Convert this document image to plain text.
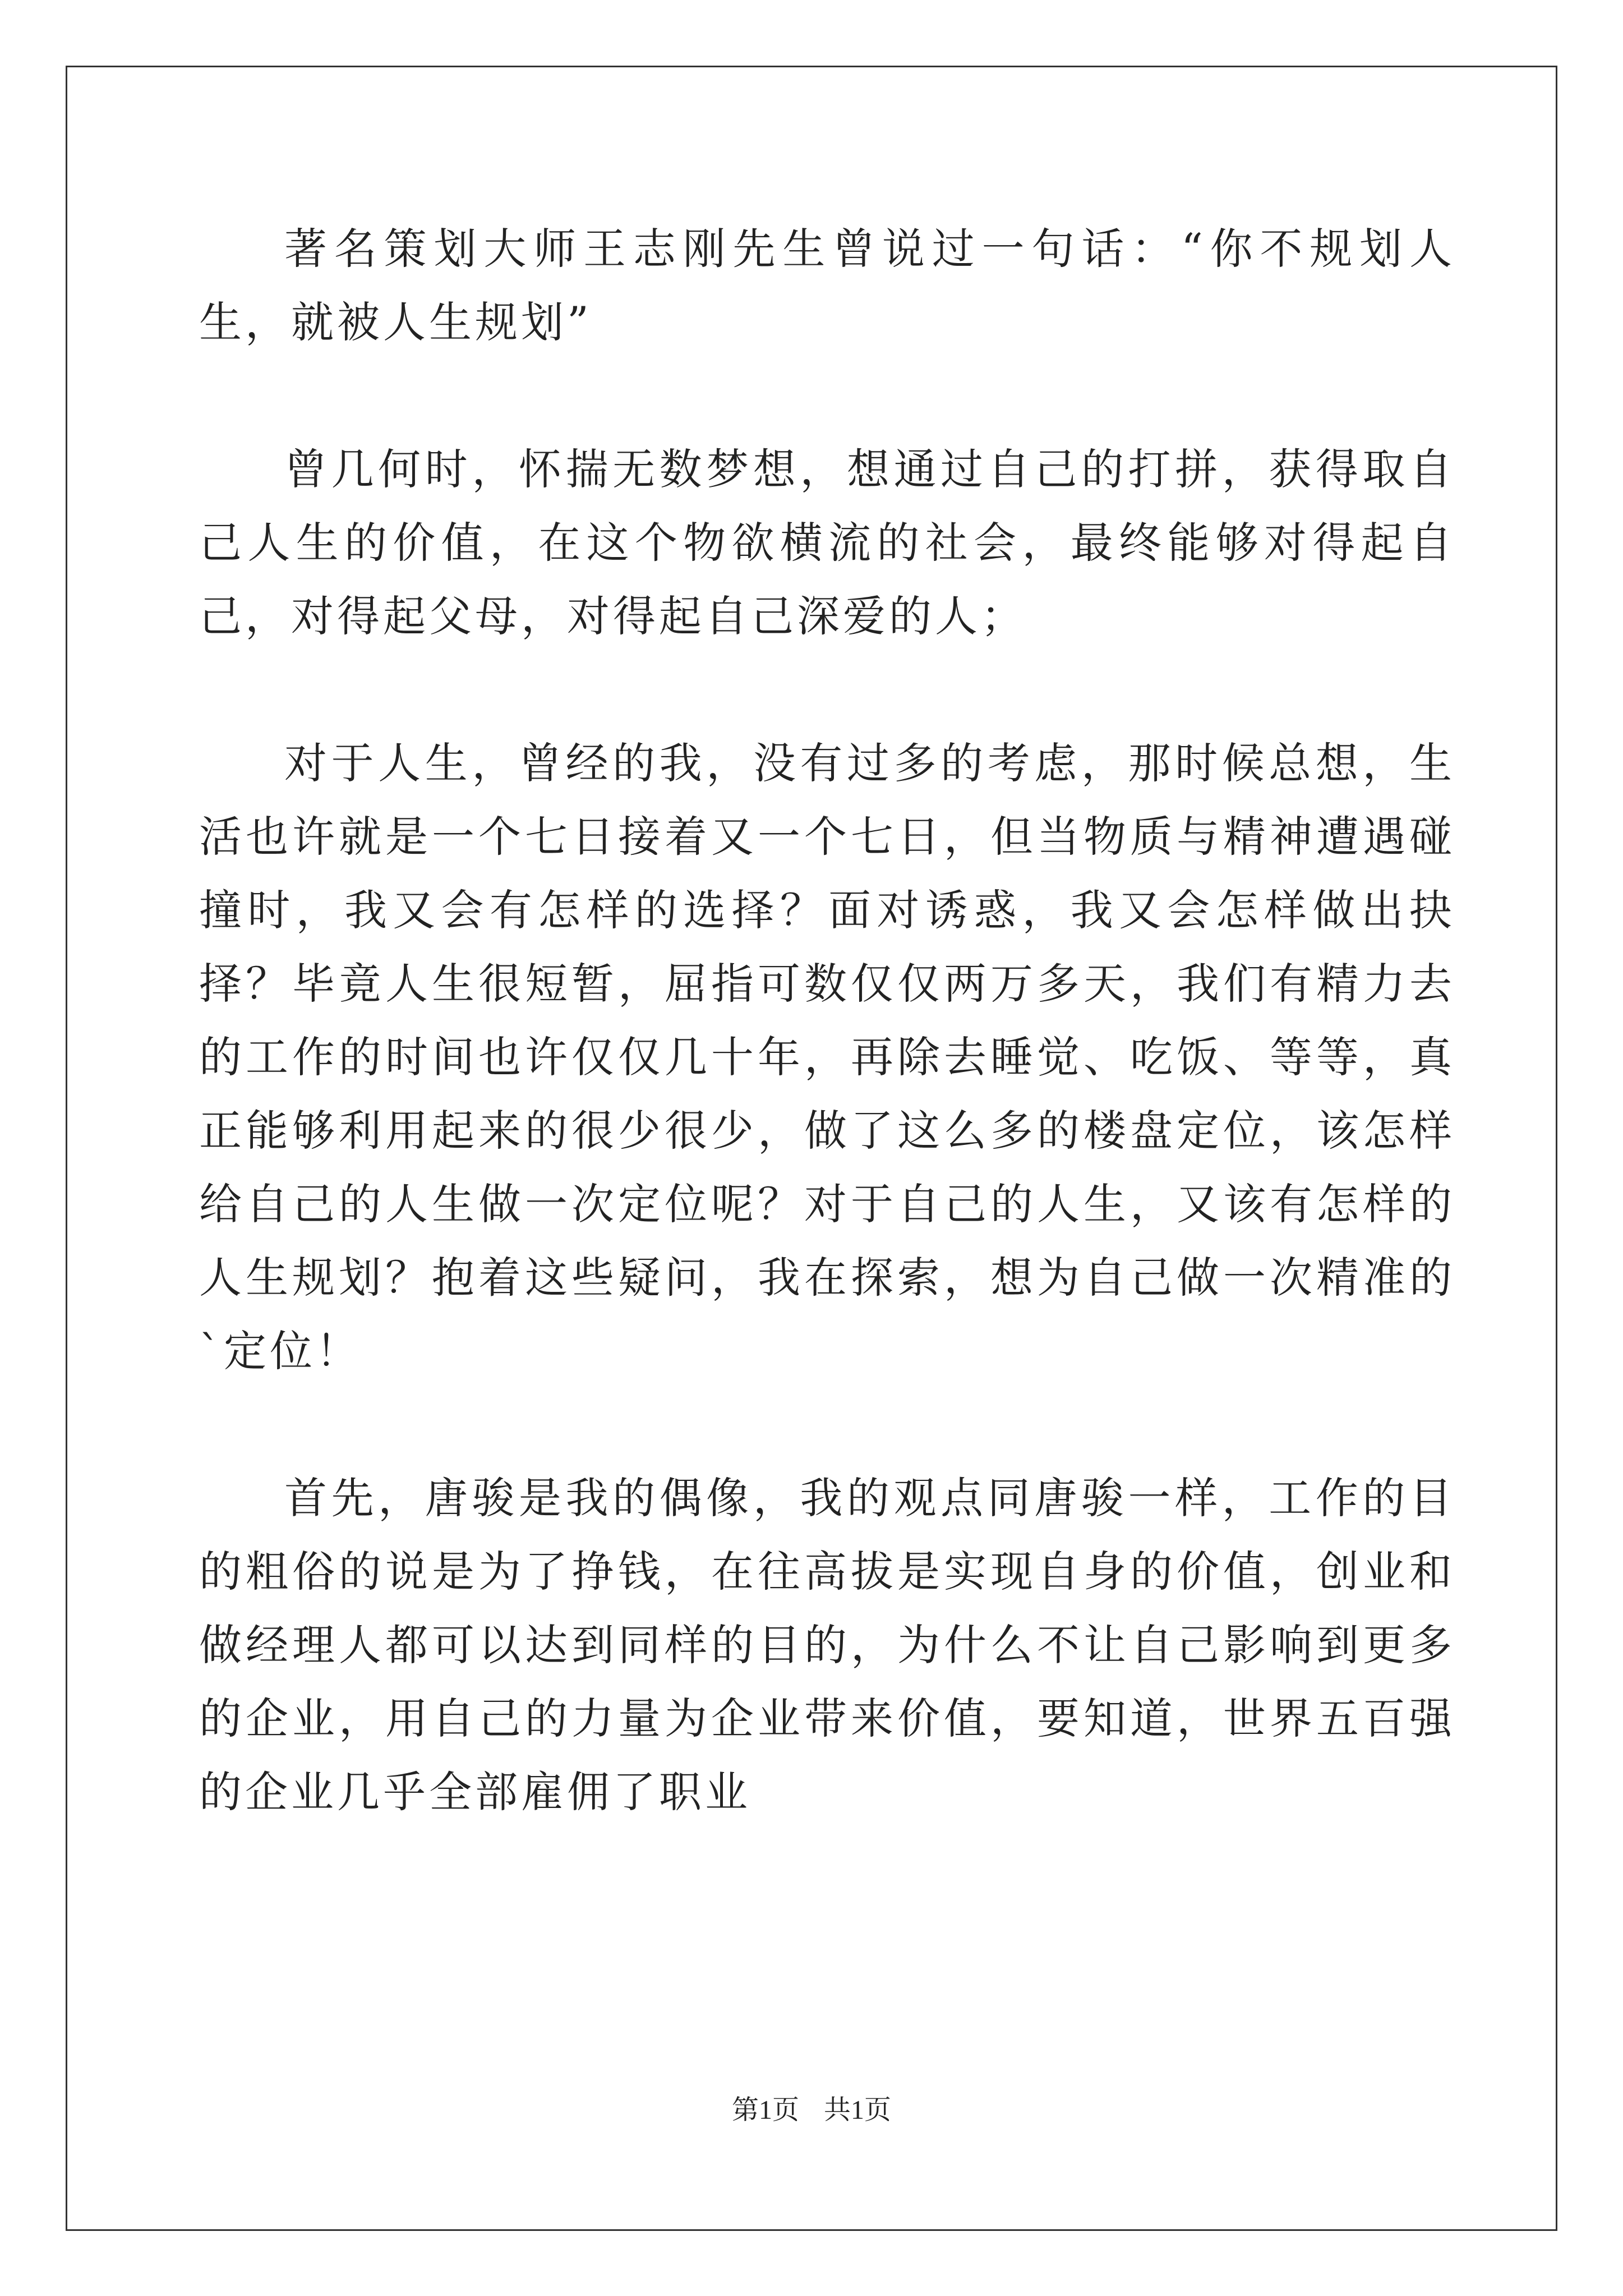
著名策划大师王志刚先生曾说过一句话：“你不规划人生，就被人生规划”

曾几何时，怀揣无数梦想，想通过自己的打拼，获得取自己人生的价值，在这个物欲横流的社会，最终能够对得起自己，对得起父母，对得起自己深爱的人；

对于人生，曾经的我，没有过多的考虑，那时候总想，生活也许就是一个七日接着又一个七日，但当物质与精神遭遇碰撞时，我又会有怎样的选择？面对诱惑，我又会怎样做出抉择？毕竟人生很短暂，屈指可数仅仅两万多天，我们有精力去的工作的时间也许仅仅几十年，再除去睡觉、吃饭、等等，真正能够利用起来的很少很少，做了这么多的楼盘定位，该怎样给自己的人生做一次定位呢？对于自己的人生，又该有怎样的人生规划？抱着这些疑问，我在探索，想为自己做一次精准的`定位！

首先，唐骏是我的偶像，我的观点同唐骏一样，工作的目的粗俗的说是为了挣钱，在往高拔是实现自身的价值，创业和做经理人都可以达到同样的目的，为什么不让自己影响到更多的企业，用自己的力量为企业带来价值，要知道，世界五百强的企业几乎全部雇佣了职业

第1页 共1页
